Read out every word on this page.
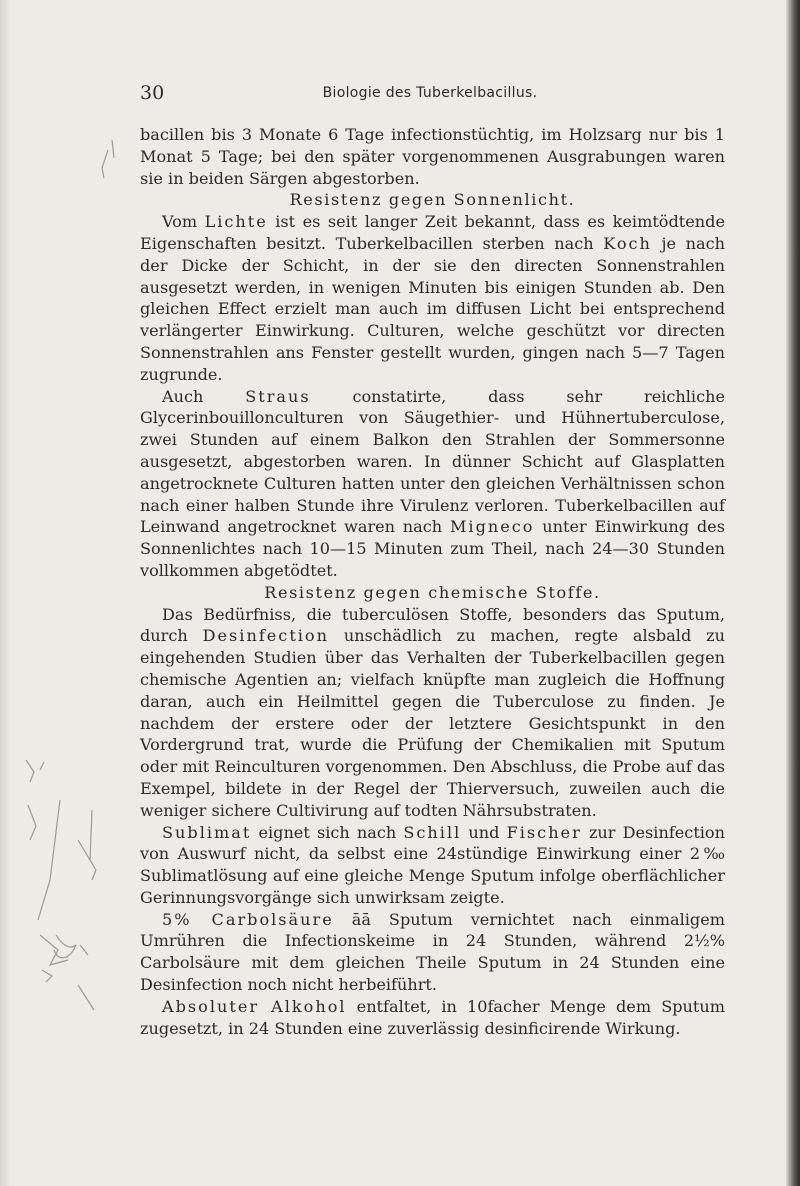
30	Biologie des Tuberkelbacillus.

bacillen bis 3 Monate 6 Tage infectionstüchtig, im Holzsarg nur bis 1 Monat 5 Tage; bei den später vorgenommenen Ausgrabungen waren sie in beiden Särgen abgestorben.

Resistenz gegen Sonnenlicht.

Vom Lichte ist es seit langer Zeit bekannt, dass es keimtödtende Eigenschaften besitzt. Tuberkelbacillen sterben nach Koch je nach der Dicke der Schicht, in der sie den directen Sonnenstrahlen ausgesetzt werden, in wenigen Minuten bis einigen Stunden ab. Den gleichen Effect erzielt man auch im diffusen Licht bei entsprechend verlängerter Einwirkung. Culturen, welche geschützt vor directen Sonnenstrahlen ans Fenster gestellt wurden, gingen nach 5—7 Tagen zugrunde.

Auch	Straus	constatirte, dass sehr reichliche Glycerinbouillonculturen von Säugethier- und Hühnertuberculose, zwei Stunden auf einem Balkon den Strahlen der Sommersonne ausgesetzt, abgestorben waren. In dünner Schicht auf Glasplatten angetrocknete Culturen hatten unter den gleichen Verhältnissen schon nach einer halben Stunde ihre Virulenz verloren. Tuberkelbacillen auf Leinwand angetrocknet waren nach Migneco unter Einwirkung des Sonnenlichtes nach 10—15 Minuten zum Theil, nach 24—30 Stunden vollkommen abgetödtet.

Resistenz gegen chemische Stoffe.

Das Bedürfniss, die tuberculösen Stoffe, besonders das Sputum, durch Desinfection unschädlich zu machen, regte alsbald zu eingehenden Studien über das Verhalten der Tuberkelbacillen gegen chemische Agentien an; vielfach knüpfte man zugleich die Hoffnung daran, auch ein Heilmittel gegen die Tuberculose zu finden. Je nachdem der erstere oder der letztere Gesichtspunkt in den Vordergrund trat, wurde die Prüfung der Chemikalien mit Sputum oder mit Reinculturen vorgenommen. Den Abschluss, die Probe auf das Exempel, bildete in der Regel der Thierversuch, zuweilen auch die weniger sichere Cultivirung auf todten Nährsubstraten.

Sublimat eignet sich nach Schill und Fischer zur Desinfection von Auswurf nicht, da selbst eine 24stündige Einwirkung einer 2‰ Sublimatlösung auf eine gleiche Menge Sputum infolge oberflächlicher Gerinnungsvorgänge sich unwirksam zeigte.

5% Carbolsäure āā Sputum vernichtet nach einmaligem Umrühren die Infectionskeime in 24 Stunden, während 2½% Carbolsäure mit dem gleichen Theile Sputum in 24 Stunden eine Desinfection noch nicht herbeiführt.

Absoluter Alkohol entfaltet, in 10facher Menge dem Sputum zugesetzt, in 24 Stunden eine zuverlässig desinficirende Wirkung.
